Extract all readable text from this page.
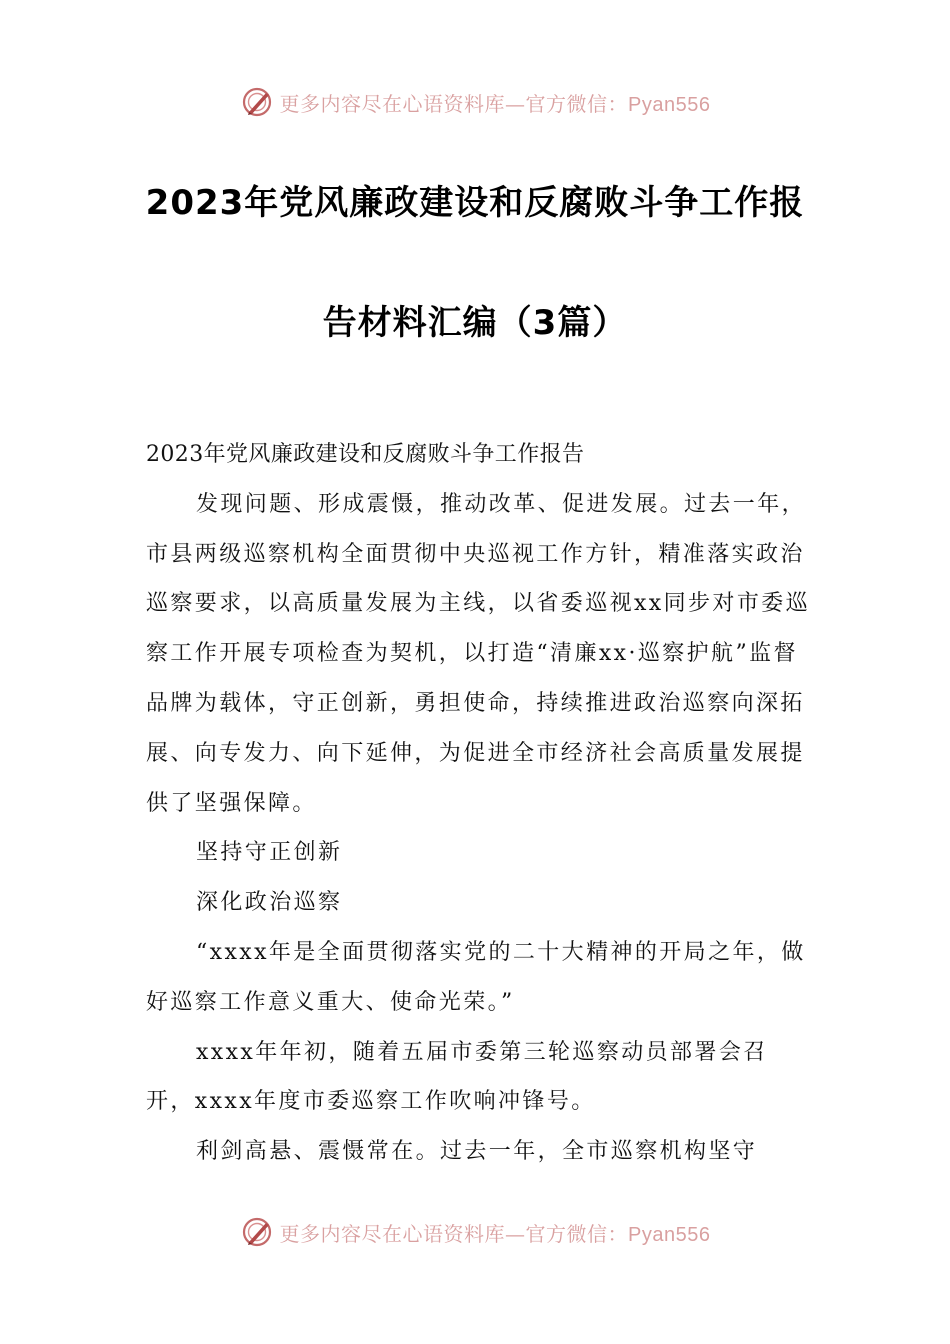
更多内容尽在心语资料库—官方微信：Pyan556
2023年党风廉政建设和反腐败斗争工作报
告材料汇编（3篇）

2023年党风廉政建设和反腐败斗争工作报告

发现问题、形成震慑，推动改革、促进发展。过去一年，市县两级巡察机构全面贯彻中央巡视工作方针，精准落实政治巡察要求，以高质量发展为主线，以省委巡视xx同步对市委巡察工作开展专项检查为契机，以打造“清廉xx·巡察护航”监督品牌为载体，守正创新，勇担使命，持续推进政治巡察向深拓展、向专发力、向下延伸，为促进全市经济社会高质量发展提供了坚强保障。

坚持守正创新

深化政治巡察

“xxxx年是全面贯彻落实党的二十大精神的开局之年，做好巡察工作意义重大、使命光荣。”

xxxx年年初，随着五届市委第三轮巡察动员部署会召开，xxxx年度市委巡察工作吹响冲锋号。

利剑高悬、震慑常在。过去一年，全市巡察机构坚守

更多内容尽在心语资料库—官方微信：Pyan556
